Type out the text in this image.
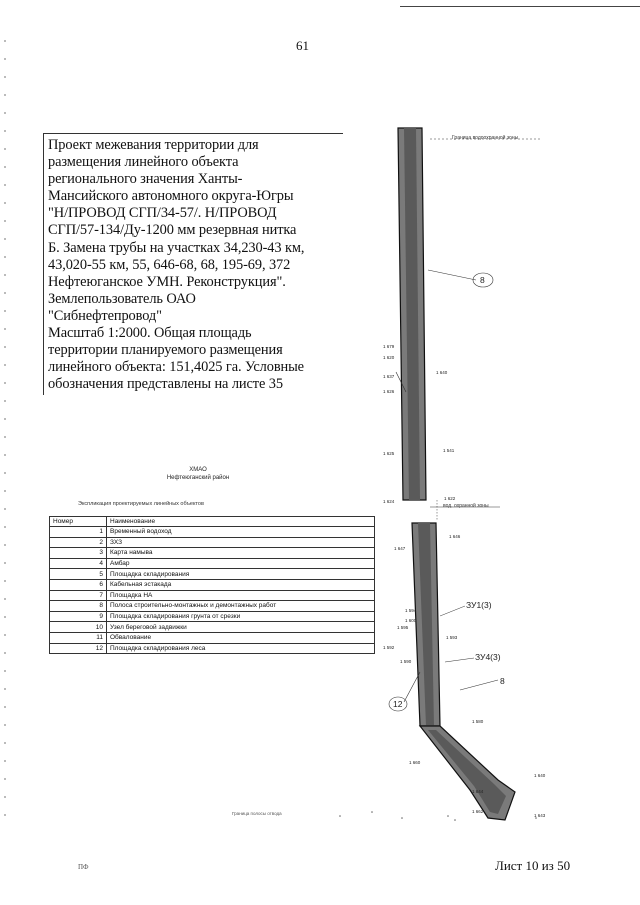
61
Граница водоохранной зоны
вод. охранной зоны
ЗУ1(3)
ЗУ4(3)
8
8
12
Граница полосы отвода
1 679
1 620
1 637
1 626
1 640
1 625
1 541
1 624
1 622
1 647
1 646
1 594
1 600
1 595
1 592
1 590
1 593
1 580
1 660
1 640
1 644
1 662
1 643
Проект межевания территории для
размещения линейного объекта
регионального значения Ханты-
Мансийского автономного округа-Югры
"Н/ПРОВОД СГП/34-57/. Н/ПРОВОД
СГП/57-134/Ду-1200 мм резервная нитка
Б. Замена трубы на участках 34,230-43 км,
43,020-55 км, 55, 646-68, 68, 195-69, 372
Нефтеюганское УМН. Реконструкция".
Землепользователь ОАО
"Сибнефтепровод"
Масштаб 1:2000. Общая площадь
территории планируемого размещения
линейного объекта: 151,4025 га. Условные
обозначения представлены на листе 35
ХМАО
Нефтеюганский район
Экспликация проектируемых линейных объектов
Номер	Наименование
1	Временный водоход
2	ЗХЗ
3	Карта намыва
4	Амбар
5	Площадка складирования
6	Кабельная эстакада
7	Площадка НА
8	Полоса строительно-монтажных и демонтажных работ
9	Площадка складирования грунта от срезки
10	Узел береговой задвижки
11	Обвалование
12	Площадка складирования леса
ПФ	Лист 10 из 50
